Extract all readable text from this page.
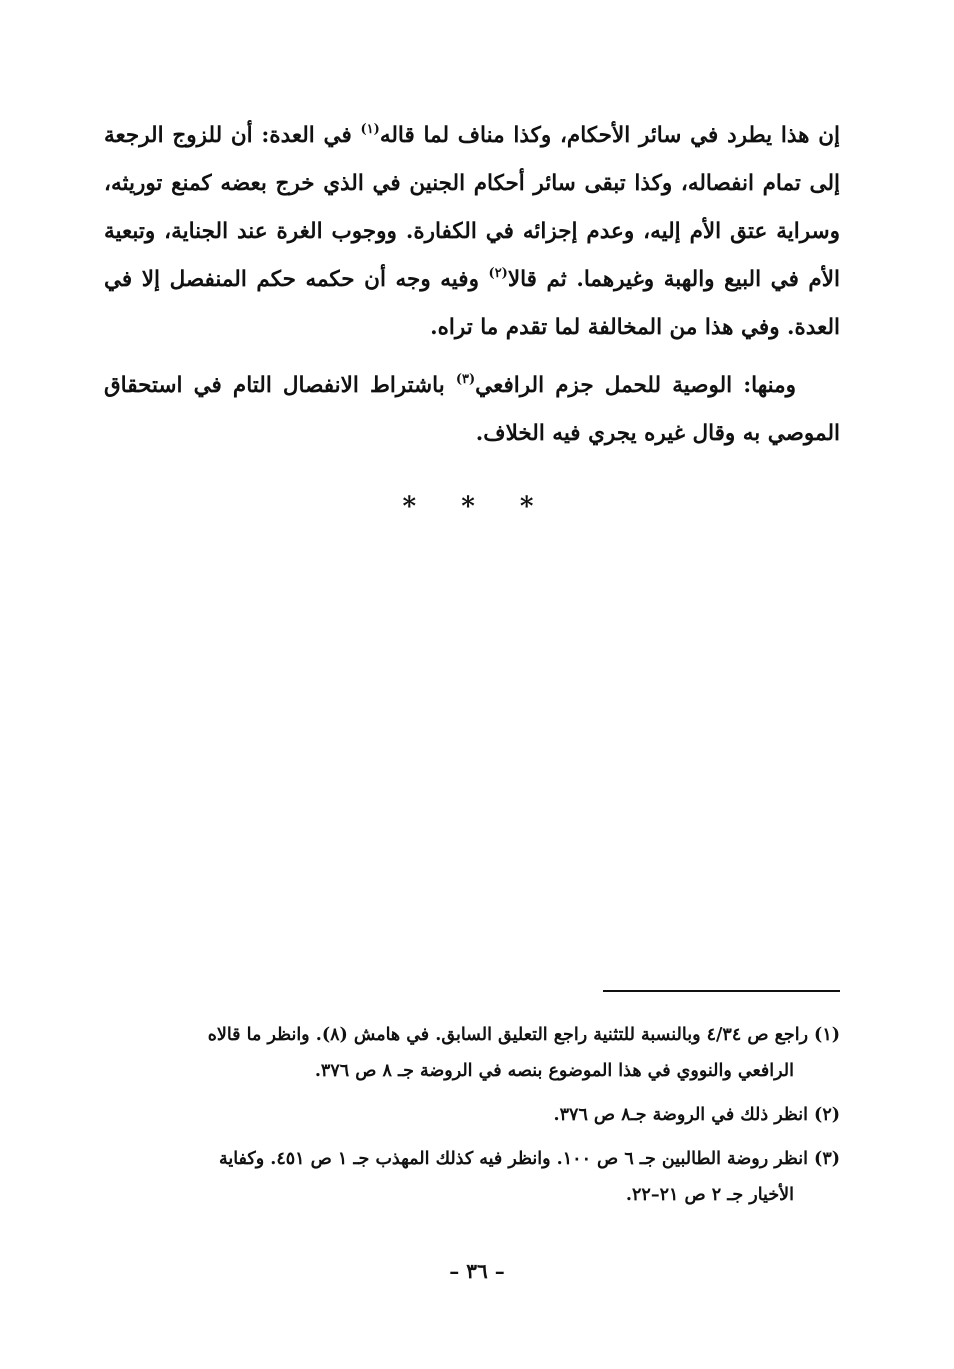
إن هذا يطرد في سائر الأحكام، وكذا مناف لما قاله$^{(١)}$ في العدة: أن للزوج الرجعة إلى تمام انفصاله، وكذا تبقى سائر أحكام الجنين في الذي خرج بعضه كمنع توريثه، وسراية عتق الأم إليه، وعدم إجزائه في الكفارة. ووجوب الغرة عند الجناية، وتبعية الأم في البيع والهبة وغيرهما. ثم قالا$^{(٢)}$ وفيه وجه أن حكمه حكم المنفصل إلا في العدة. وفي هذا من المخالفة لما تقدم ما تراه.

ومنها: الوصية للحمل جزم الرافعي$^{(٣)}$ باشتراط الانفصال التام في استحقاق الموصي به وقال غيره يجري فيه الخلاف.

* * *

(١)راجع ص ٤/٣٤ وبالنسبة للتثنية راجع التعليق السابق. في هامش (٨). وانظر ما قالاه
الرافعي والنووي في هذا الموضوع بنصه في الروضة جـ ٨ ص ٣٧٦.

(٢)انظر ذلك في الروضة جـ٨ ص ٣٧٦.

(٣)انظر روضة الطالبين جـ ٦ ص ١٠٠. وانظر فيه كذلك المهذب جـ ١ ص ٤٥١. وكفاية
الأخيار جـ ٢ ص ٢١–٢٢.

– ٣٦ –
